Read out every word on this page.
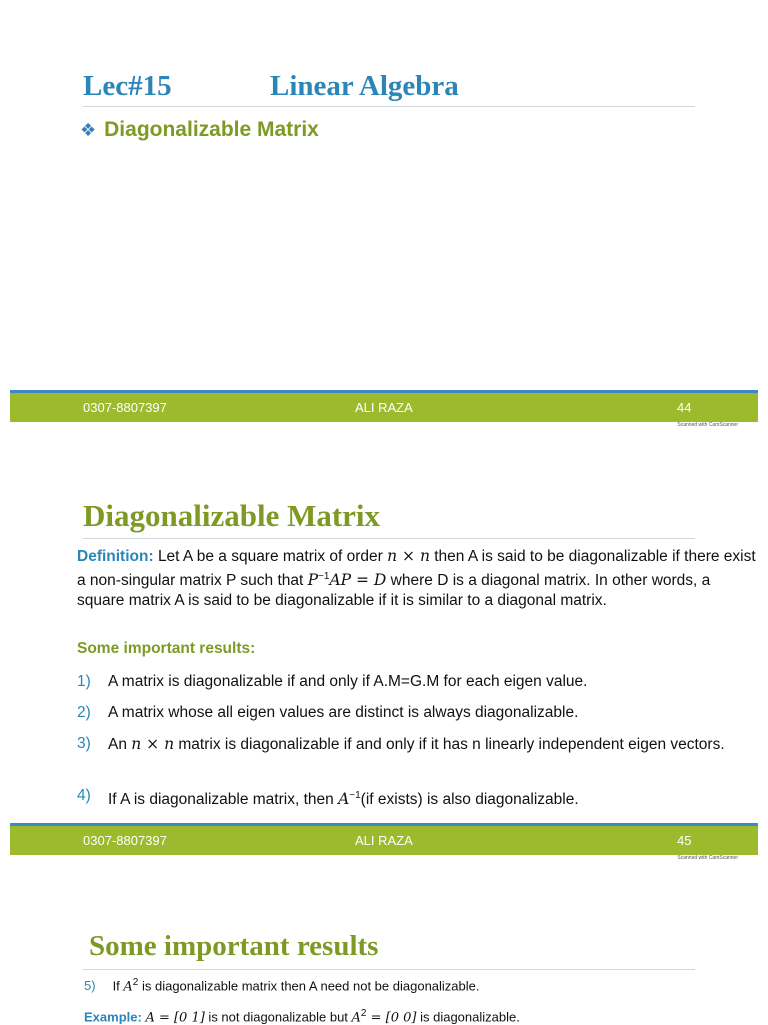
Lec#15	Linear Algebra
❖ Diagonalizable Matrix
0307-8807397	ALI RAZA	44
Scanned with CamScanner
Diagonalizable Matrix
Definition: Let A be a square matrix of order n × n then A is said to be diagonalizable if there exist a non-singular matrix P such that $P^{-1}AP = D$ where D is a diagonal matrix. In other words, a square matrix A is said to be diagonalizable if it is similar to a diagonal matrix.
Some important results:
1) A matrix is diagonalizable if and only if A.M=G.M for each eigen value.
2) A matrix whose all eigen values are distinct is always diagonalizable.
3) An n × n matrix is diagonalizable if and only if it has n linearly independent eigen vectors.
4) If A is diagonalizable matrix, then $A^{-1}(if$ exists) is also diagonalizable.
0307-8807397	ALI RAZA	45
Scanned with CamScanner
Some important results
5) If $A^2$ is diagonalizable matrix then A need not be diagonalizable.
Example: A = [0 1] is not diagonalizable but $A^2 = [0$ 0] is diagonalizable.
